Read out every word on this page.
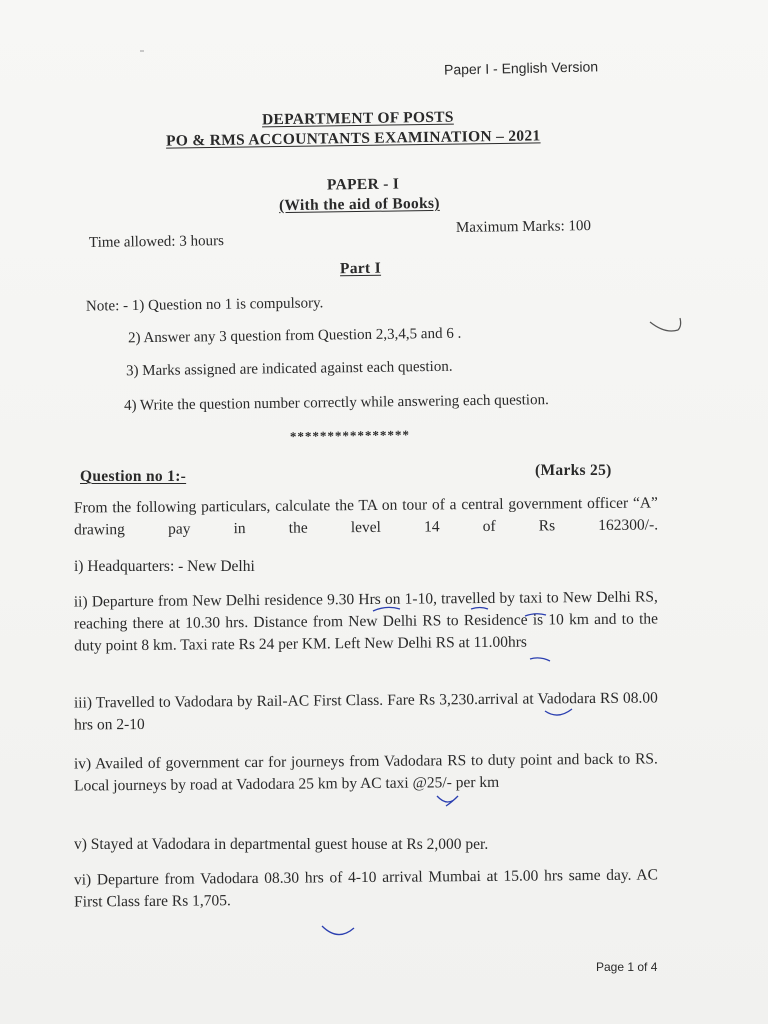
Paper I - English Version
DEPARTMENT OF POSTS
PO & RMS ACCOUNTANTS EXAMINATION – 2021
PAPER - I
(With the aid of Books)
Time allowed: 3 hours
Maximum Marks: 100
Part I
Note: - 1) Question no 1 is compulsory.
2) Answer any 3 question from Question 2,3,4,5 and 6 .
3) Marks assigned are indicated against each question.
4) Write the question number correctly while answering each question.
****************
Question no 1:-	(Marks 25)
From the following particulars, calculate the TA on tour of a central government officer “A” drawing pay in the level 14 of Rs 162300/-.
i) Headquarters: - New Delhi
ii) Departure from New Delhi residence 9.30 Hrs on 1-10, travelled by taxi to New Delhi RS, reaching there at 10.30 hrs. Distance from New Delhi RS to Residence is 10 km and to the duty point 8 km. Taxi rate Rs 24 per KM. Left New Delhi RS at 11.00hrs
iii) Travelled to Vadodara by Rail-AC First Class. Fare Rs 3,230.arrival at Vadodara RS 08.00 hrs on 2-10
iv) Availed of government car for journeys from Vadodara RS to duty point and back to RS. Local journeys by road at Vadodara 25 km by AC taxi @25/- per km
v) Stayed at Vadodara in departmental guest house at Rs 2,000 per.
vi) Departure from Vadodara 08.30 hrs of 4-10 arrival Mumbai at 15.00 hrs same day. AC First Class fare Rs 1,705.
Page 1 of 4
